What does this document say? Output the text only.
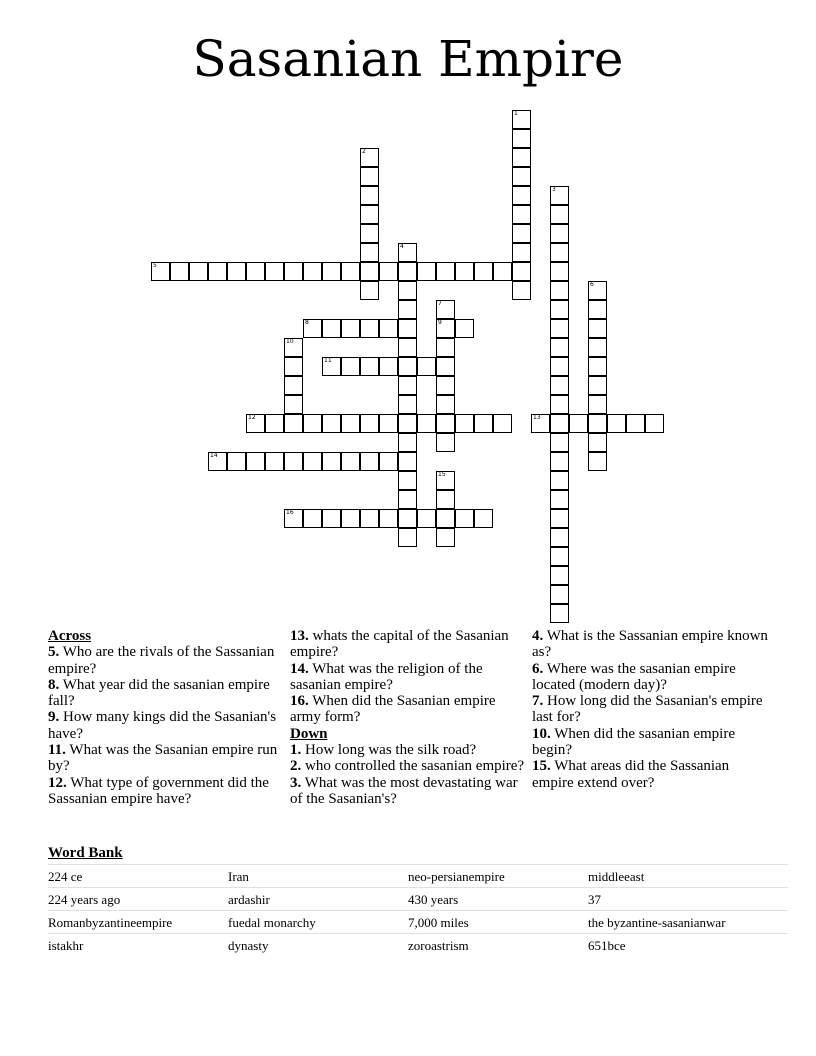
Sasanian Empire
1
2
3
4
5
6
7
9
8
10
11
12	13
14
15
16
Across
5. Who are the rivals of the Sassanian empire?
8. What year did the sasanian empire fall?
9. How many kings did the Sasanian's have?
11. What was the Sasanian empire run by?
12. What type of government did the Sassanian empire have?
13. whats the capital of the Sasanian empire?
14. What was the religion of the sasanian empire?
16. When did the Sasanian empire army form?
Down
1. How long was the silk road?
2. who controlled the sasanian empire?
3. What was the most devastating war of the Sasanian's?
4. What is the Sassanian empire known as?
6. Where was the sasanian empire located (modern day)?
7. How long did the Sasanian's empire last for?
10. When did the sasanian empire begin?
15. What areas did the Sassanian empire extend over?
Word Bank
224 ce	Iran	neo-persianempire	middleeast
224 years ago	ardashir	430 years	37
Romanbyzantineempire	fuedal monarchy	7,000 miles	the byzantine-sasanianwar
istakhr	dynasty	zoroastrism	651bce
